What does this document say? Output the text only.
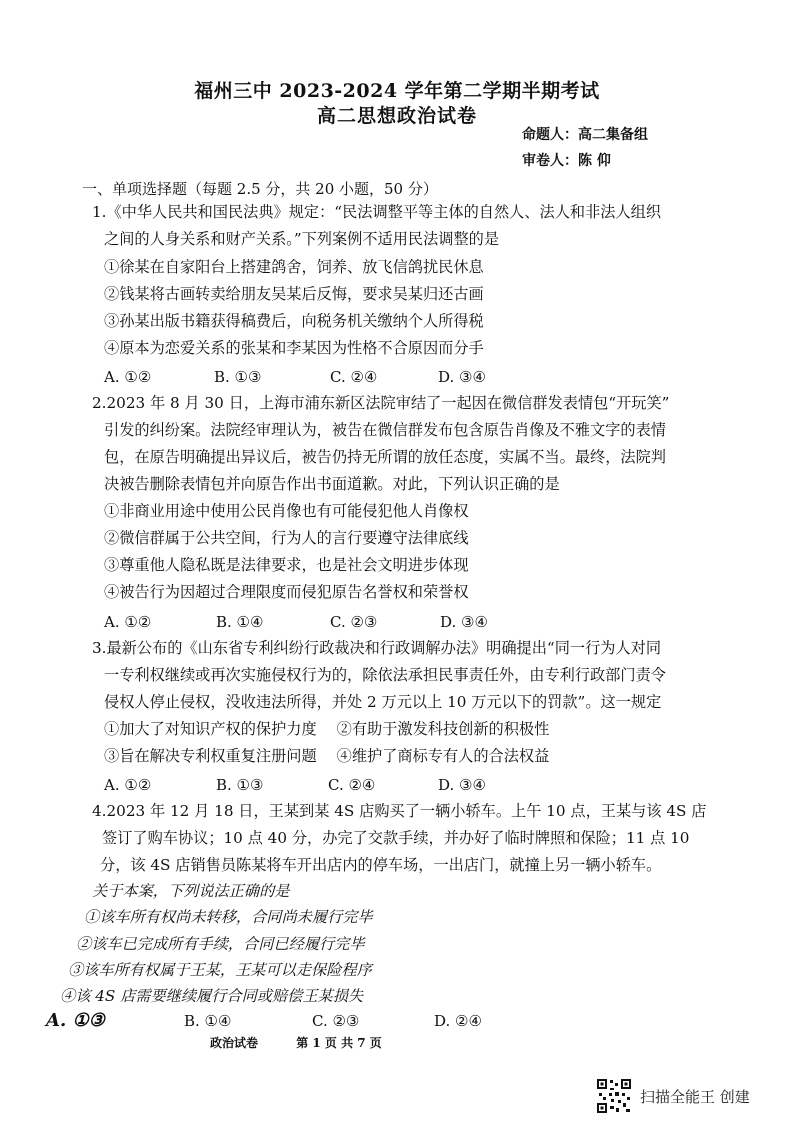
福州三中 2023-2024 学年第二学期半期考试
高二思想政治试卷
命题人：高二集备组
审卷人：陈 仰
一、单项选择题（每题 2.5 分，共 20 小题，50 分）
1.《中华人民共和国民法典》规定：“民法调整平等主体的自然人、法人和非法人组织
之间的人身关系和财产关系。”下列案例不适用民法调整的是
①徐某在自家阳台上搭建鸽舍，饲养、放飞信鸽扰民休息
②钱某将古画转卖给朋友吴某后反悔，要求吴某归还古画
③孙某出版书籍获得稿费后，向税务机关缴纳个人所得税
④原本为恋爱关系的张某和李某因为性格不合原因而分手
A. ①②	B. ①③	C. ②④	D. ③④
2.2023 年 8 月 30 日，上海市浦东新区法院审结了一起因在微信群发表情包“开玩笑”
引发的纠纷案。法院经审理认为，被告在微信群发布包含原告肖像及不雅文字的表情
包，在原告明确提出异议后，被告仍持无所谓的放任态度，实属不当。最终，法院判
决被告删除表情包并向原告作出书面道歉。对此，下列认识正确的是
①非商业用途中使用公民肖像也有可能侵犯他人肖像权
②微信群属于公共空间，行为人的言行要遵守法律底线
③尊重他人隐私既是法律要求，也是社会文明进步体现
④被告行为因超过合理限度而侵犯原告名誉权和荣誉权
A. ①②	B. ①④	C. ②③	D. ③④
3.最新公布的《山东省专利纠纷行政裁决和行政调解办法》明确提出“同一行为人对同
一专利权继续或再次实施侵权行为的，除依法承担民事责任外，由专利行政部门责令
侵权人停止侵权，没收违法所得，并处 2 万元以上 10 万元以下的罚款”。这一规定
①加大了对知识产权的保护力度　 ②有助于激发科技创新的积极性
③旨在解决专利权重复注册问题　 ④维护了商标专有人的合法权益
A. ①②	B. ①③	C. ②④	D. ③④
4.2023 年 12 月 18 日，王某到某 4S 店购买了一辆小轿车。上午 10 点，王某与该 4S 店
签订了购车协议；10 点 40 分，办完了交款手续，并办好了临时牌照和保险；11 点 10
分，该 4S 店销售员陈某将车开出店内的停车场，一出店门，就撞上另一辆小轿车。
关于本案，下列说法正确的是
①该车所有权尚未转移，合同尚未履行完毕
②该车已完成所有手续，合同已经履行完毕
③该车所有权属于王某，王某可以走保险程序
④该 4S 店需要继续履行合同或赔偿王某损失
A. ①③	B. ①④	C. ②③	D. ②④
政治试卷	第 1 页 共 7 页
扫描全能王 创建
